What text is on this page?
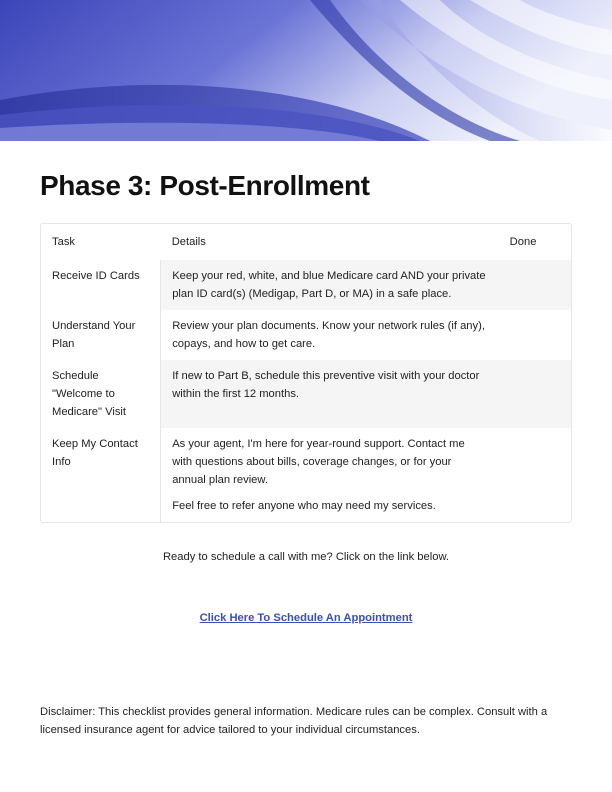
Phase 3: Post-Enrollment
Task	Details	Done
Receive ID Cards	Keep your red, white, and blue Medicare card AND your private plan ID card(s) (Medigap, Part D, or MA) in a safe place.	
Understand Your Plan	Review your plan documents. Know your network rules (if any), copays, and how to get care.	
Schedule "Welcome to Medicare" Visit	If new to Part B, schedule this preventive visit with your doctor within the first 12 months.	
Keep My Contact Info	As your agent, I'm here for year-round support. Contact me with questions about bills, coverage changes, or for your annual plan review.
Feel free to refer anyone who may need my services.	

Ready to schedule a call with me? Click on the link below.
Click Here To Schedule An Appointment
Disclaimer: This checklist provides general information. Medicare rules can be complex. Consult with a licensed insurance agent for advice tailored to your individual circumstances.
